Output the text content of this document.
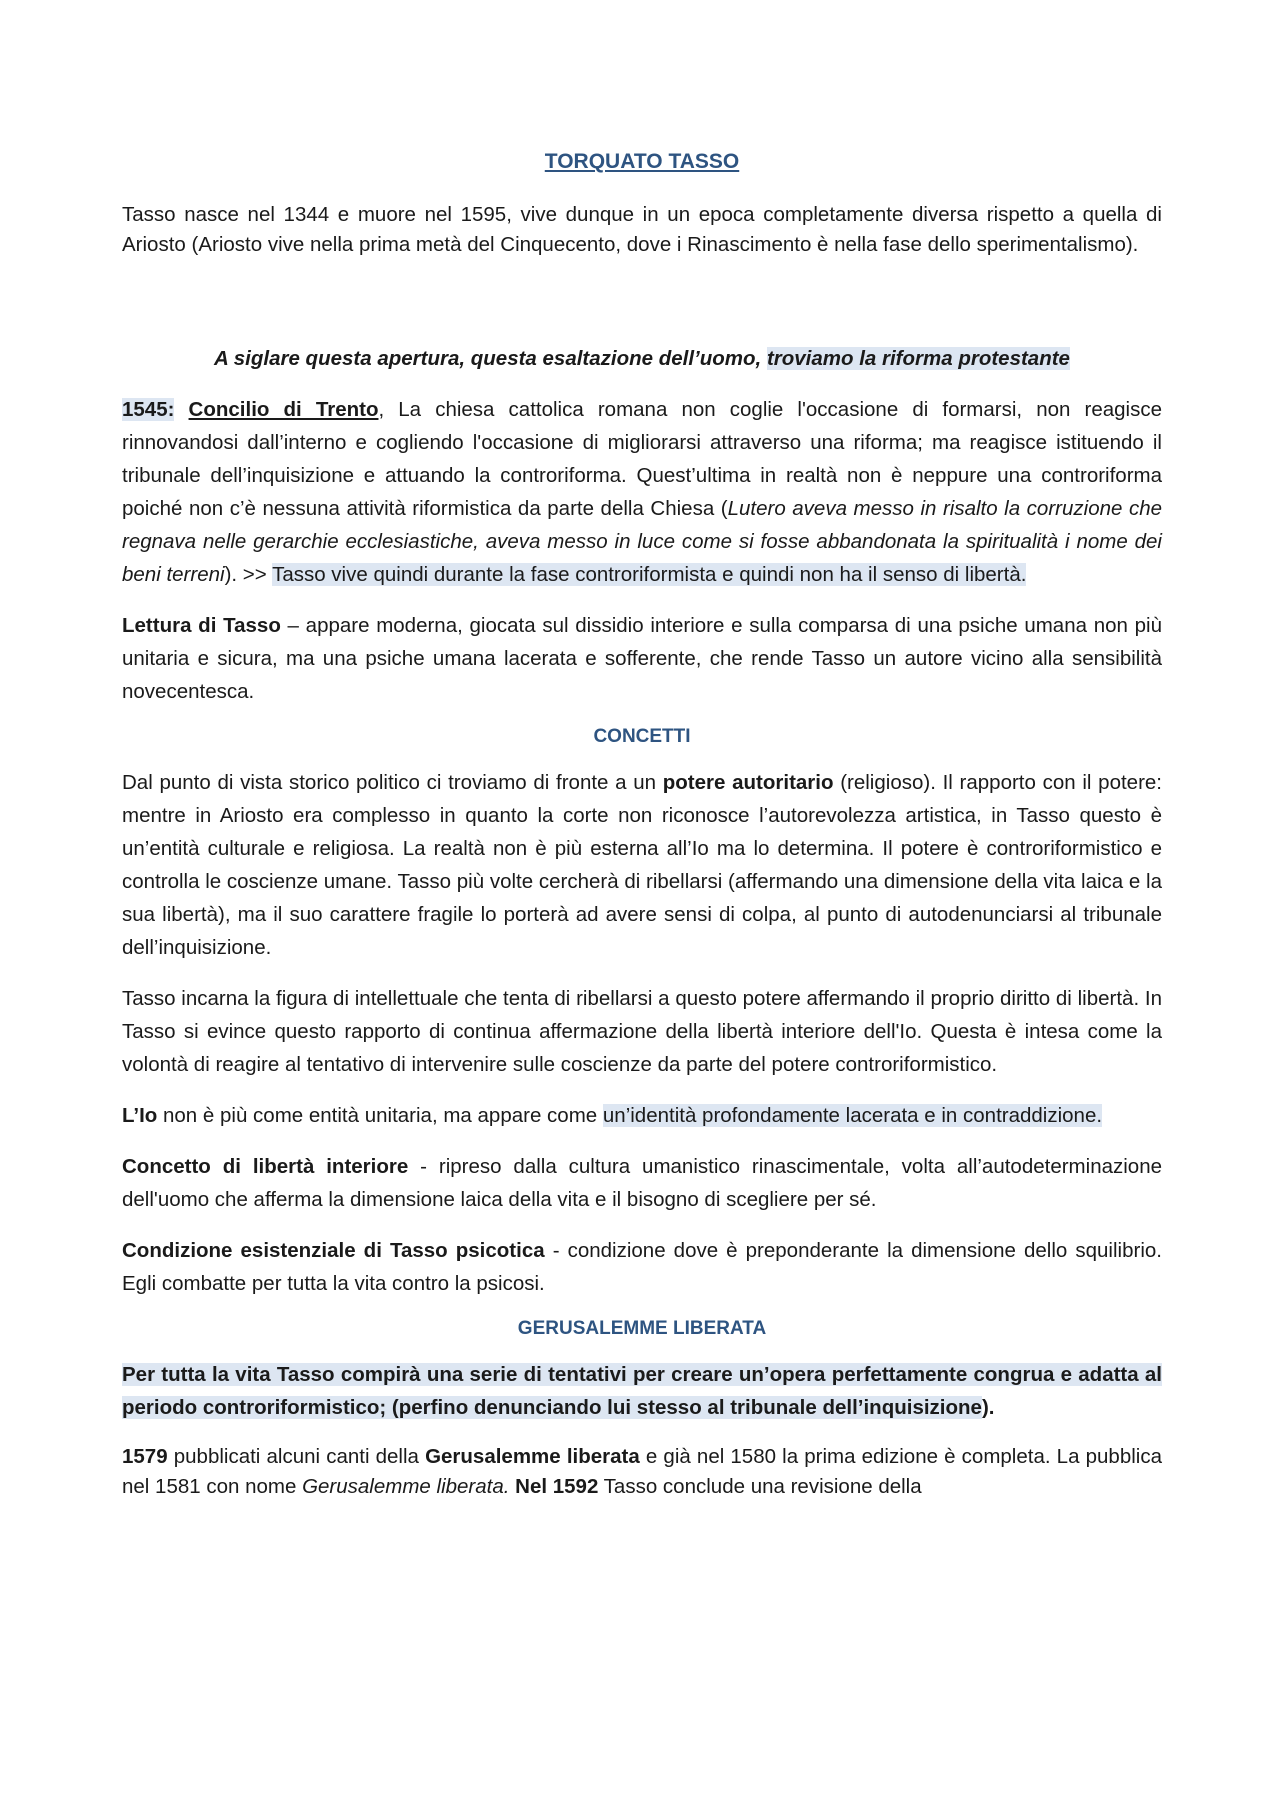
TORQUATO TASSO

Tasso nasce nel 1344 e muore nel 1595, vive dunque in un epoca completamente diversa rispetto a quella di Ariosto (Ariosto vive nella prima metà del Cinquecento, dove i Rinascimento è nella fase dello sperimentalismo).

A siglare questa apertura, questa esaltazione dell’uomo, troviamo la riforma protestante

1545: Concilio di Trento, La chiesa cattolica romana non coglie l'occasione di formarsi, non reagisce rinnovandosi dall’interno e cogliendo l'occasione di migliorarsi attraverso una riforma; ma reagisce istituendo il tribunale dell’inquisizione e attuando la controriforma. Quest’ultima in realtà non è neppure una controriforma poiché non c’è nessuna attività riformistica da parte della Chiesa (Lutero aveva messo in risalto la corruzione che regnava nelle gerarchie ecclesiastiche, aveva messo in luce come si fosse abbandonata la spiritualità i nome dei beni terreni). >> Tasso vive quindi durante la fase controriformista e quindi non ha il senso di libertà.

Lettura di Tasso – appare moderna, giocata sul dissidio interiore e sulla comparsa di una psiche umana non più unitaria e sicura, ma una psiche umana lacerata e sofferente, che rende Tasso un autore vicino alla sensibilità novecentesca.

CONCETTI

Dal punto di vista storico politico ci troviamo di fronte a un potere autoritario (religioso). Il rapporto con il potere: mentre in Ariosto era complesso in quanto la corte non riconosce l’autorevolezza artistica, in Tasso questo è un’entità culturale e religiosa. La realtà non è più esterna all’Io ma lo determina. Il potere è controriformistico e controlla le coscienze umane. Tasso più volte cercherà di ribellarsi (affermando una dimensione della vita laica e la sua libertà), ma il suo carattere fragile lo porterà ad avere sensi di colpa, al punto di autodenunciarsi al tribunale dell’inquisizione.

Tasso incarna la figura di intellettuale che tenta di ribellarsi a questo potere affermando il proprio diritto di libertà. In Tasso si evince questo rapporto di continua affermazione della libertà interiore dell'Io. Questa è intesa come la volontà di reagire al tentativo di intervenire sulle coscienze da parte del potere controriformistico.

L’Io non è più come entità unitaria, ma appare come un’identità profondamente lacerata e in contraddizione.

Concetto di libertà interiore - ripreso dalla cultura umanistico rinascimentale, volta all’autodeterminazione dell'uomo che afferma la dimensione laica della vita e il bisogno di scegliere per sé.

Condizione esistenziale di Tasso psicotica - condizione dove è preponderante la dimensione dello squilibrio. Egli combatte per tutta la vita contro la psicosi.

GERUSALEMME LIBERATA

Per tutta la vita Tasso compirà una serie di tentativi per creare un’opera perfettamente congrua e adatta al periodo controriformistico; (perfino denunciando lui stesso al tribunale dell’inquisizione).

1579 pubblicati alcuni canti della Gerusalemme liberata e già nel 1580 la prima edizione è completa. La pubblica nel 1581 con nome Gerusalemme liberata. Nel 1592 Tasso conclude una revisione della
